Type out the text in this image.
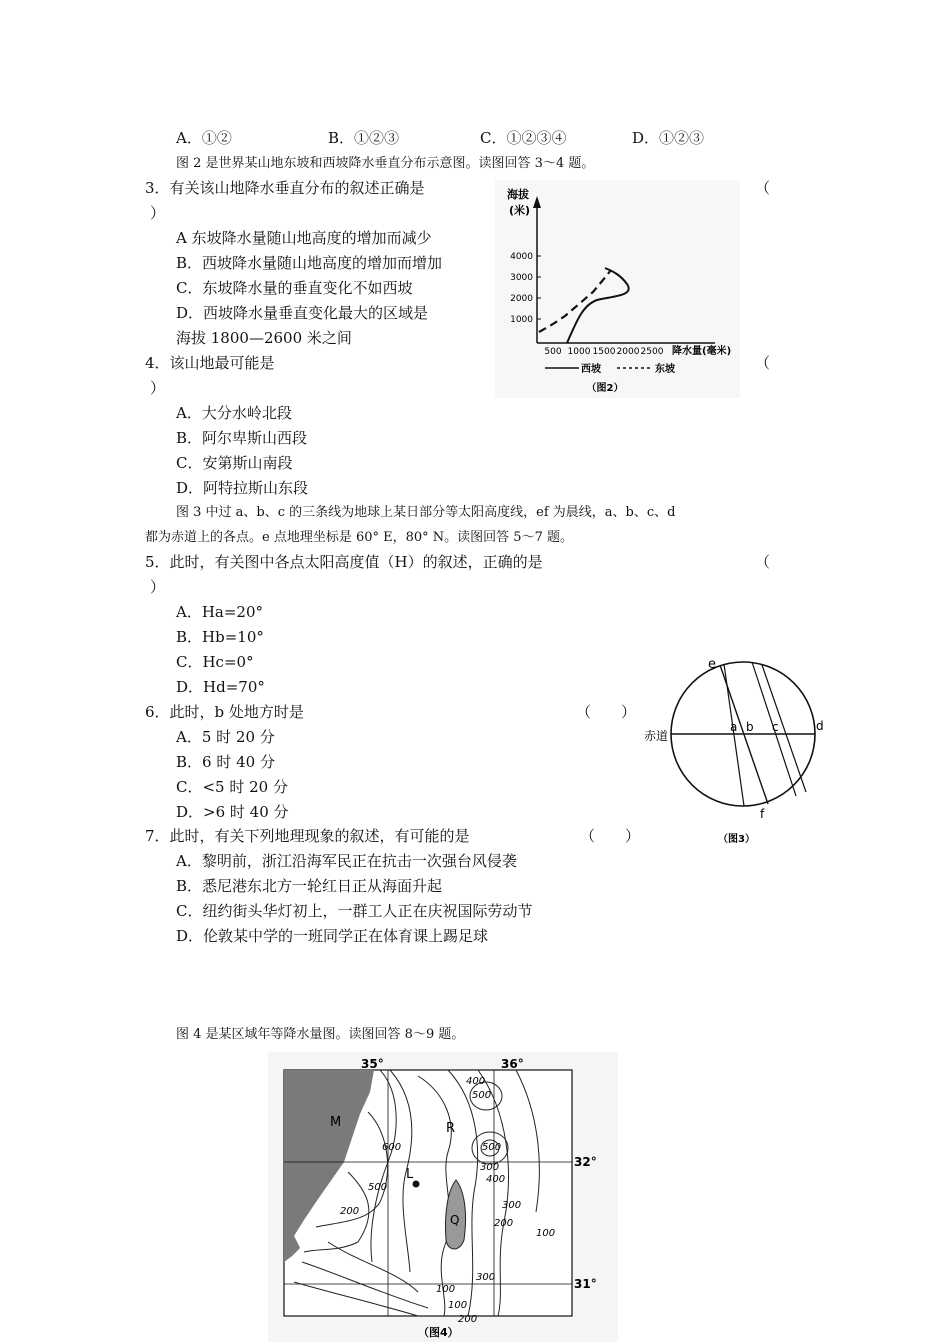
A．①②	B．①②③	C．①②③④	D．①②③
图 2 是世界某山地东坡和西坡降水垂直分布示意图。读图回答 3～4 题。
3．有关该山地降水垂直分布的叙述正确是	（
）
A 东坡降水量随山地高度的增加而减少
B．西坡降水量随山地高度的增加而增加
C．东坡降水量的垂直变化不如西坡
D．西坡降水量垂直变化最大的区域是
海拔 1800—2600 米之间
4．该山地最可能是	（
）
A．大分水岭北段
B．阿尔卑斯山西段
C．安第斯山南段
D．阿特拉斯山东段
海拔
(米)
4000
3000
2000
1000
500 1000 1500 2000 2500 降水量(毫米)
西坡	东坡
（图2）
图 3 中过 a、b、c 的三条线为地球上某日部分等太阳高度线，ef 为晨线，a、b、c、d
都为赤道上的各点。e 点地理坐标是 60° E，80° N。读图回答 5～7 题。
5．此时，有关图中各点太阳高度值（H）的叙述，正确的是	（
）
A．Ha=20°
B．Hb=10°
C．Hc=0°
D．Hd=70°
6．此时，b 处地方时是	（　　）
A．5 时 20 分
B．6 时 40 分
C．<5 时 20 分
D．>6 时 40 分
7．此时，有关下列地理现象的叙述，有可能的是	（　　）
A．黎明前，浙江沿海军民正在抗击一次强台风侵袭
B．悉尼港东北方一轮红日正从海面升起
C．纽约街头华灯初上，一群工人正在庆祝国际劳动节
D．伦敦某中学的一班同学正在体育课上踢足球
e
a b c	d
f
赤道
（图3）
图 4 是某区域年等降水量图。读图回答 8～9 题。
35°	36°
32°
31°
M	R
L
Q
400
500
600	500
300
400
500
200
300
200
100
100
300
100
200
（图4）
